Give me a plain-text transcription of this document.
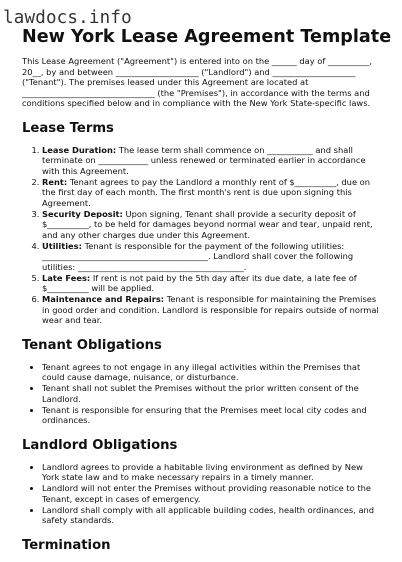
lawdocs.info
New York Lease Agreement Template

This Lease Agreement ("Agreement") is entered into on the ______ day of __________, 20__, by and between ____________________ ("Landlord") and ____________________ ("Tenant"). The premises leased under this Agreement are located at ________________________________ (the "Premises"), in accordance with the terms and conditions specified below and in compliance with the New York State-specific laws.

Lease Terms
1. Lease Duration: The lease term shall commence on ___________ and shall terminate on ____________ unless renewed or terminated earlier in accordance with this Agreement.
2. Rent: Tenant agrees to pay the Landlord a monthly rent of $__________, due on the first day of each month. The first month's rent is due upon signing this Agreement.
3. Security Deposit: Upon signing, Tenant shall provide a security deposit of $__________, to be held for damages beyond normal wear and tear, unpaid rent, and any other charges due under this Agreement.
4. Utilities: Tenant is responsible for the payment of the following utilities: ________________________________________. Landlord shall cover the following utilities: ________________________________________.
5. Late Fees: If rent is not paid by the 5th day after its due date, a late fee of $__________ will be applied.
6. Maintenance and Repairs: Tenant is responsible for maintaining the Premises in good order and condition. Landlord is responsible for repairs outside of normal wear and tear.
Tenant Obligations
• Tenant agrees to not engage in any illegal activities within the Premises that could cause damage, nuisance, or disturbance.
• Tenant shall not sublet the Premises without the prior written consent of the Landlord.
• Tenant is responsible for ensuring that the Premises meet local city codes and ordinances.
Landlord Obligations
• Landlord agrees to provide a habitable living environment as defined by New York state law and to make necessary repairs in a timely manner.
• Landlord will not enter the Premises without providing reasonable notice to the Tenant, except in cases of emergency.
• Landlord shall comply with all applicable building codes, health ordinances, and safety standards.
Termination
